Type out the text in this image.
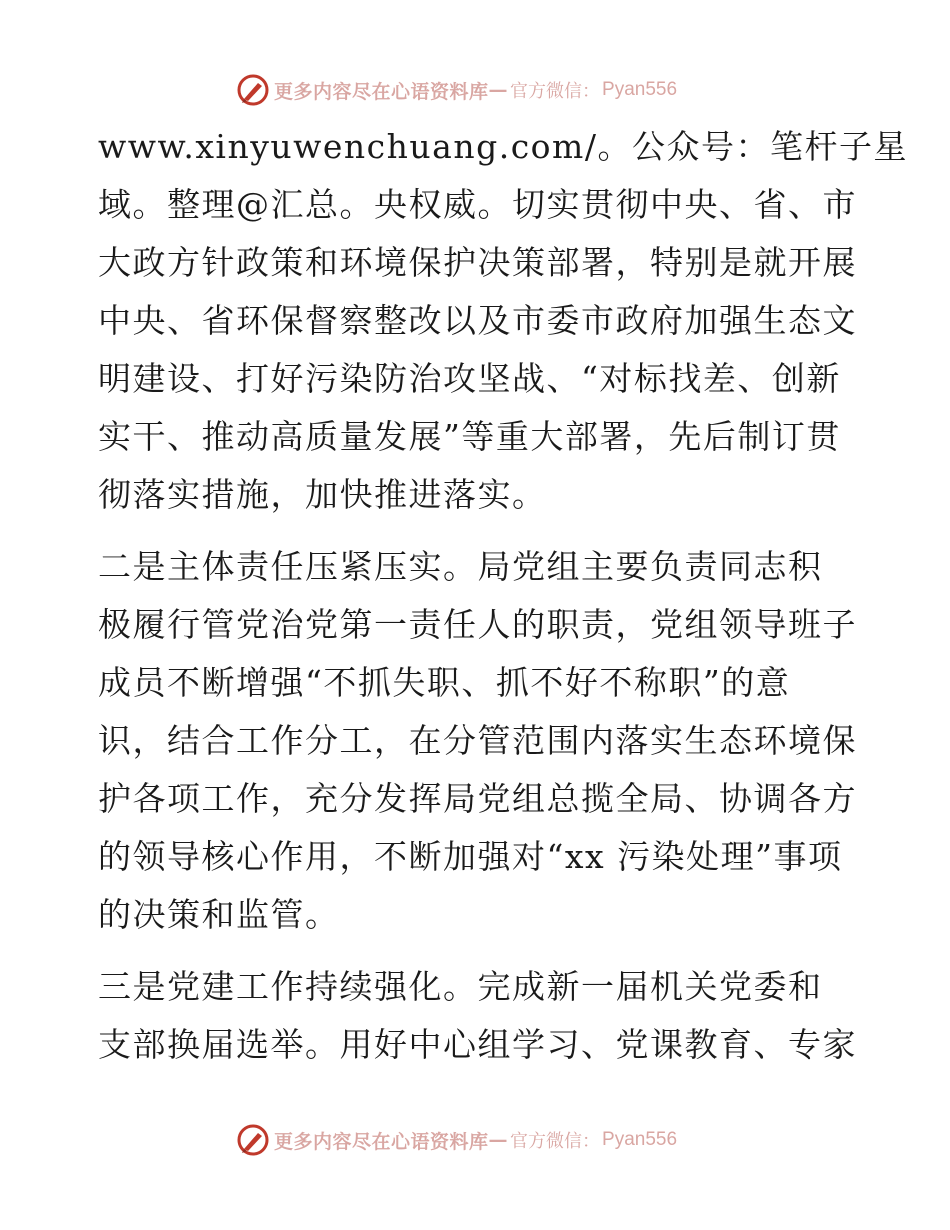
更多内容尽在心语资料库 — 官方微信： Pyan556
www.xinyuwenchuang.com/。公众号：笔杆子星
域。整理@汇总。央权威。切实贯彻中央、省、市
大政方针政策和环境保护决策部署，特别是就开展
中央、省环保督察整改以及市委市政府加强生态文
明建设、打好污染防治攻坚战、“对标找差、创新
实干、推动高质量发展”等重大部署，先后制订贯
彻落实措施，加快推进落实。
二是主体责任压紧压实。局党组主要负责同志积
极履行管党治党第一责任人的职责，党组领导班子
成员不断增强“不抓失职、抓不好不称职”的意
识，结合工作分工，在分管范围内落实生态环境保
护各项工作，充分发挥局党组总揽全局、协调各方
的领导核心作用，不断加强对“xx 污染处理”事项
的决策和监管。
三是党建工作持续强化。完成新一届机关党委和
支部换届选举。用好中心组学习、党课教育、专家
更多内容尽在心语资料库 — 官方微信： Pyan556
